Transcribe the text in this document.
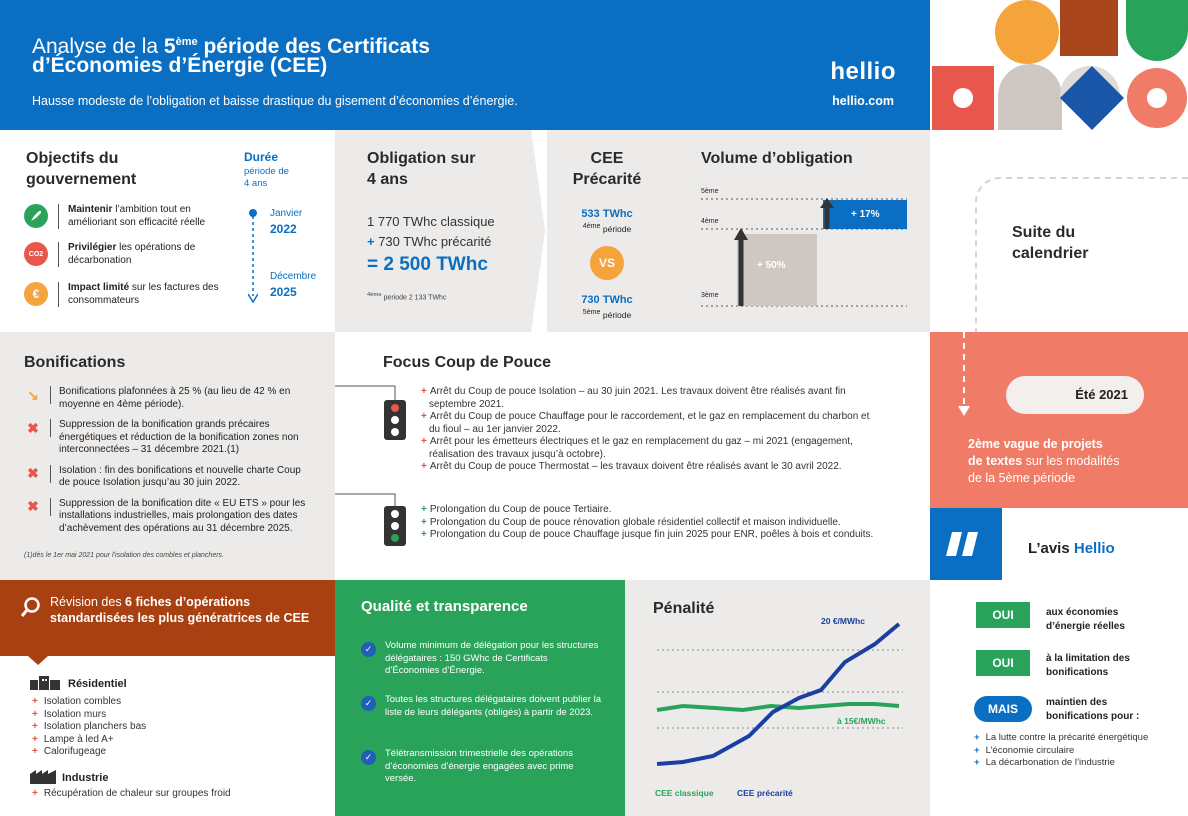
Analyse de la 5ème période des Certificats
d’Économies d’Énergie (CEE)
Hausse modeste de l’obligation et baisse drastique du gisement d’économies d’énergie.
hellio
hellio.com
Objectifs du gouvernement
Maintenir l’ambition tout en amélioriant son efficacité réelle
CO2
Privilégier les opérations de décarbonation
€	Impact limité sur les factures des consommateurs
Durée
période de 4 ans
Janvier
2022
Décembre
2025
Obligation sur 4 ans
1 770 TWhc classique
+ 730 TWhc précarité
= 2 500 TWhc
$^{4ème}$ periode 2 133 TWhc
CEE Précarité
533 TWhc
$^{4ème}$ période
VS
730 TWhc
$^{5ème}$ période
Volume d’obligation
5ème
4ème
3ème
+ 17%
+ 50%
Suite du calendrier
Été 2021
2ème vague de projets
de textes sur les modalités
de la 5ème période
Bonifications
↘	Bonifications plafonnées à 25 % (au lieu de 42 % en moyenne en 4ème période).
✖	Suppression de la bonification grands précaires énergétiques et réduction de la bonification zones non interconnectées – 31 décembre 2021.(1)
✖	Isolation : fin des bonifications et nouvelle charte Coup de pouce Isolation jusqu’au 30 juin 2022.
✖	Suppression de la bonification dite « EU ETS » pour les installations industrielles, mais prolongation des dates d’achèvement des opérations au 31 décembre 2025.
(1)dès le 1er mai 2021 pour l’isolation des combles et planchers.
Focus Coup de Pouce
+ Arrêt du Coup de pouce Isolation – au 30 juin 2021. Les travaux doivent être réalisés avant fin septembre 2021.
+ Arrêt du Coup de pouce Chauffage pour le raccordement, et le gaz en remplacement du charbon et du fioul – au 1er janvier 2022.
+ Arrêt pour les émetteurs électriques et le gaz en remplacement du gaz – mi 2021 (engagement, réalisation des travaux jusqu’à octobre).
+ Arrêt du Coup de pouce Thermostat – les travaux doivent être réalisés avant le 30 avril 2022.
+ Prolongation du Coup de pouce Tertiaire.
+ Prolongation du Coup de pouce rénovation globale résidentiel collectif et maison individuelle.
+ Prolongation du Coup de pouce Chauffage jusque fin juin 2025 pour ENR, poêles à bois et conduits.
L’avis Hellio
OUI	aux économies d’énergie réelles
OUI	à la limitation des bonifications
MAIS	maintien des bonifications pour :
+ La lutte contre la précarité énergétique
+ L’économie circulaire
+ La décarbonation de l’industrie
Révision des 6 fiches d’opérations standardisées les plus génératrices de CEE
Résidentiel
+ Isolation combles
+ Isolation murs
+ Isolation planchers bas
+ Lampe à led A+
+ Calorifugeage
Industrie
+ Récupération de chaleur sur groupes froid
Qualité et transparence
✓	Volume minimum de délégation pour les structures délégataires : 150 GWhc de Certificats d’Économies d’Énergie.
✓	Toutes les structures délégataires doivent publier la liste de leurs délégants (obligés) à partir de 2023.
✓	Télétransmission trimestrielle des opérations d’économies d’énergie engagées avec prime versée.
Pénalité
20 €/MWhc
à 15€/MWhc
CEE classique	CEE précarité
